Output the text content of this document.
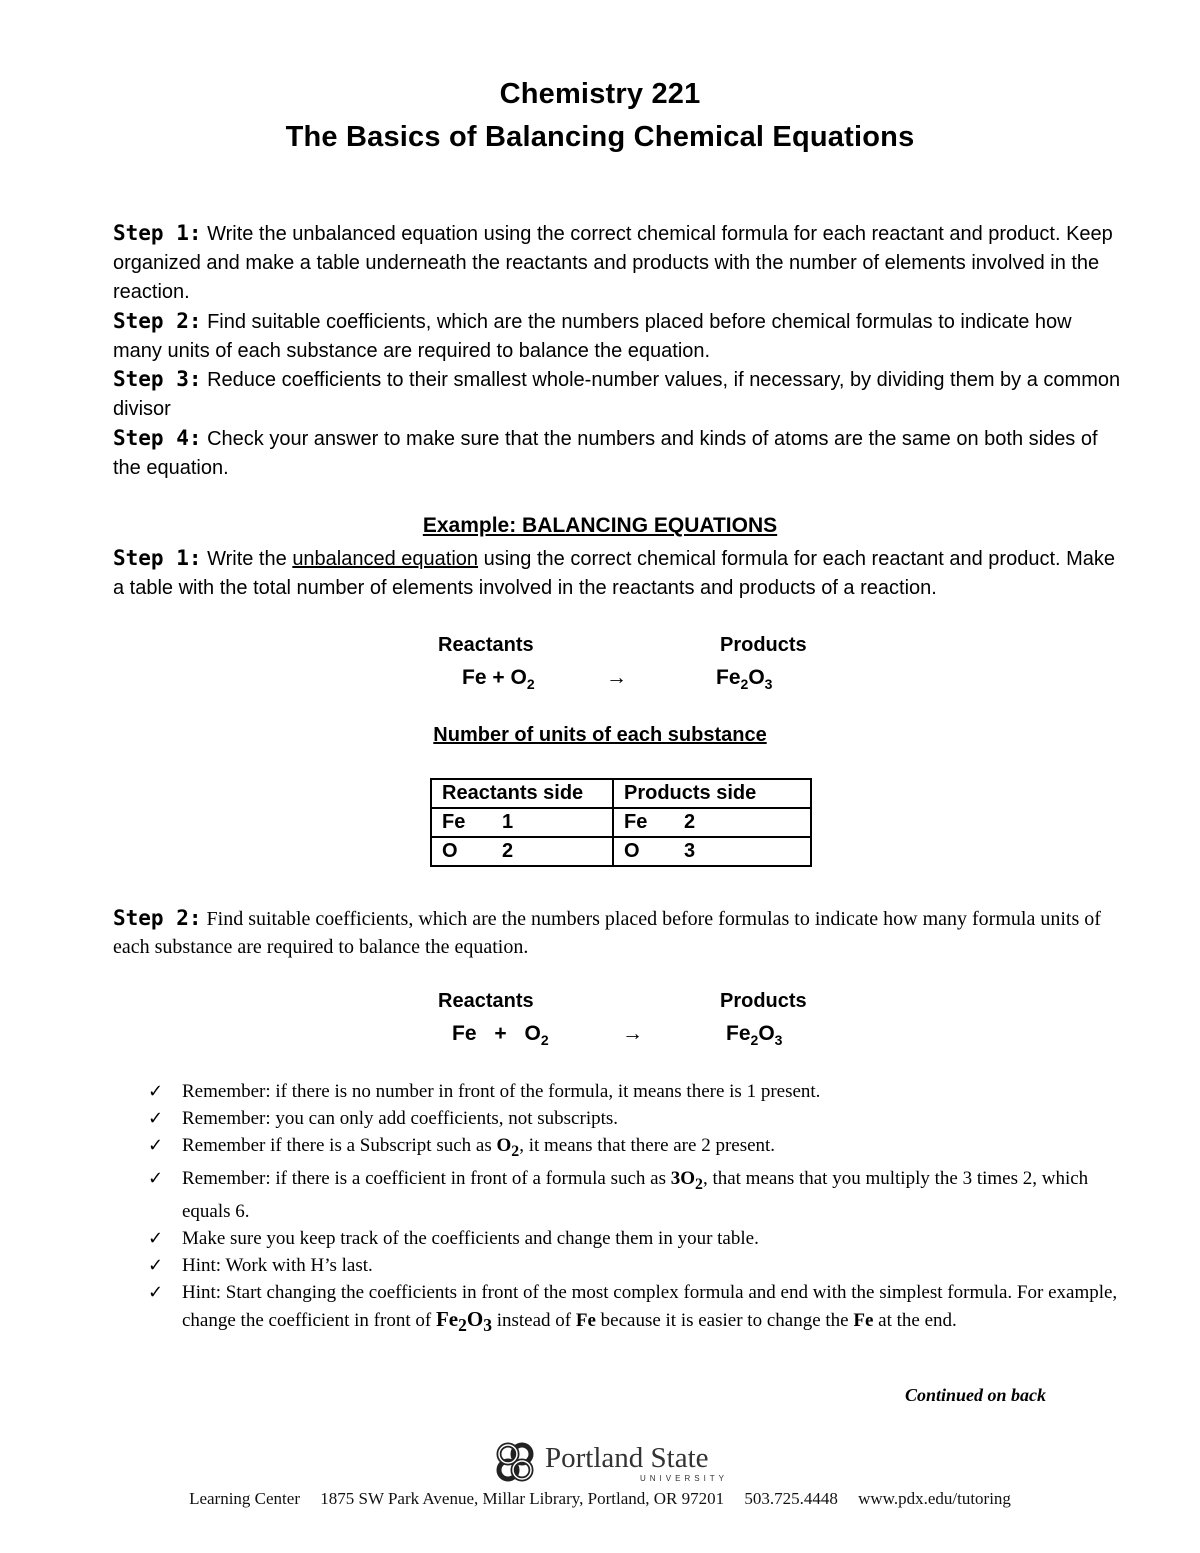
Chemistry 221
The Basics of Balancing Chemical Equations
Step 1: Write the unbalanced equation using the correct chemical formula for each reactant and product. Keep organized and make a table underneath the reactants and products with the number of elements involved in the reaction.
Step 2: Find suitable coefficients, which are the numbers placed before chemical formulas to indicate how many units of each substance are required to balance the equation.
Step 3: Reduce coefficients to their smallest whole-number values, if necessary, by dividing them by a common divisor
Step 4: Check your answer to make sure that the numbers and kinds of atoms are the same on both sides of the equation.
Example: BALANCING EQUATIONS
Step 1: Write the unbalanced equation using the correct chemical formula for each reactant and product. Make a table with the total number of elements involved in the reactants and products of a reaction.
Reactants	Products
$Fe + O_2$	→	$Fe_2O_3$
Number of units of each substance
Reactants side	Products side
Fe 1	Fe 2
O 2	O 3
Step 2: Find suitable coefficients, which are the numbers placed before formulas to indicate how many formula units of each substance are required to balance the equation.
Reactants	Products
$Fe + O_2$	→	$Fe_2O_3$
✓ Remember: if there is no number in front of the formula, it means there is 1 present.
✓ Remember: you can only add coefficients, not subscripts.
✓ Remember if there is a Subscript such as $O_2$, it means that there are 2 present.
✓ Remember: if there is a coefficient in front of a formula such as $3O_2$, that means that you multiply the 3 times 2, which equals 6.
✓ Make sure you keep track of the coefficients and change them in your table.
✓ Hint: Work with H’s last.
✓ Hint: Start changing the coefficients in front of the most complex formula and end with the simplest formula. For example, change the coefficient in front of $Fe_2O_3$ instead of Fe because it is easier to change the Fe at the end.
Continued on back
Portland State
UNIVERSITY
Learning Center 1875 SW Park Avenue, Millar Library, Portland, OR 97201 503.725.4448 www.pdx.edu/tutoring
